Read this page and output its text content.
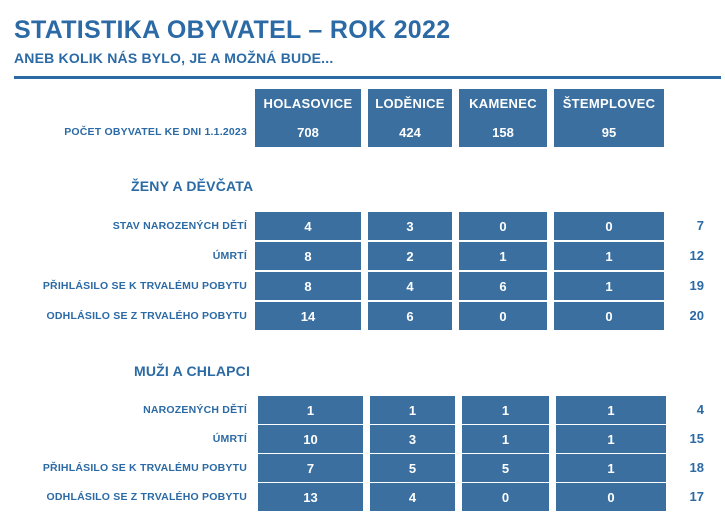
STATISTIKA OBYVATEL – ROK 2022
ANEB KOLIK NÁS BYLO, JE A MOŽNÁ BUDE...
HOLASOVICE	LODĚNICE	KAMENEC	ŠTEMPLOVEC
POČET OBYVATEL KE DNI 1.1.2023	708	424	158	95
ŽENY A DĚVČATA
STAV NAROZENÝCH DĚTÍ	4	3	0	0	7
ÚMRTÍ	8	2	1	1	12
PŘIHLÁSILO SE K TRVALÉMU POBYTU	8	4	6	1	19
ODHLÁSILO SE Z TRVALÉHO POBYTU	14	6	0	0	20
MUŽI A CHLAPCI
NAROZENÝCH DĚTÍ	1	1	1	1	4
ÚMRTÍ	10	3	1	1	15
PŘIHLÁSILO SE K TRVALÉMU POBYTU	7	5	5	1	18
ODHLÁSILO SE Z TRVALÉHO POBYTU	13	4	0	0	17
